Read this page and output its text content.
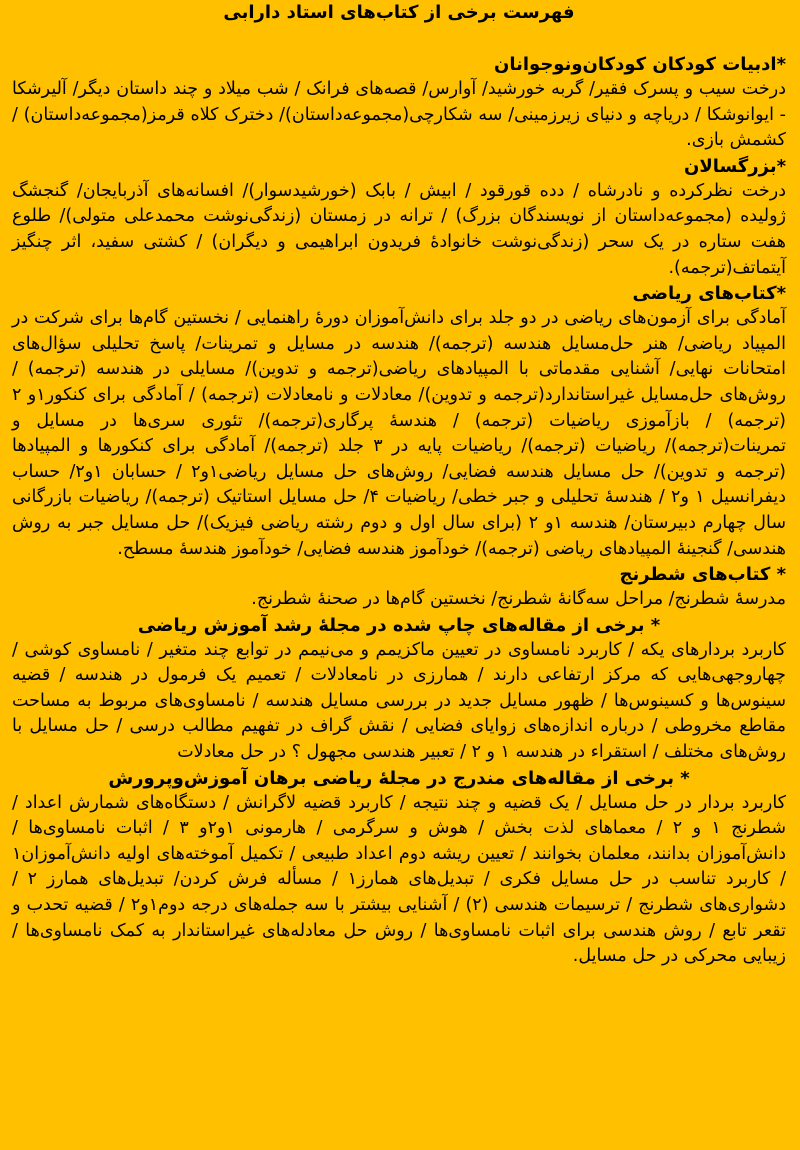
فهرست برخی از کتاب‌های استاد دارابی
*ادبیات کودکان کودکان‌ونوجوانان

درخت سیب و پسرک فقیر/ گربه خورشید/ آوارس/ قصه‌های فرانک / شب میلاد و چند داستان دیگر/ آلیرشکا - ایوانوشکا / دریاچه و دنیای زیرزمینی/ سه شکارچی(مجموعه‌داستان)/ دخترک کلاه قرمز(مجموعه‌داستان) / کشمش بازی.

*بزرگسالان

درخت نظرکرده و نادرشاه / دده قورقود / ابیش / بابک (خورشیدسوار)/ افسانه‌های آذربایجان/ گنجشگ ژولیده (مجموعه‌داستان از نویسندگان بزرگ) / ترانه در زمستان (زندگی‌نوشت محمدعلی متولی)/ طلوع هفت ستاره در یک سحر (زندگی‌نوشت خانوادهٔ فریدون ابراهیمی و دیگران) / کشتی سفید، اثر چنگیز آیتماتف(ترجمه).

*کتاب‌های ریاضی

آمادگی برای آزمون‌های ریاضی در دو جلد برای دانش‌آموزان دورهٔ راهنمایی / نخستین گام‌ها برای شرکت در المپیاد ریاضی/ هنر حل‌مسایل هندسه (ترجمه)/ هندسه در مسایل و تمرینات/ پاسخ تحلیلی سؤال‌های امتحانات نهایی/ آشنایی مقدماتی با المپیادهای ریاضی(ترجمه و تدوین)/ مسایلی در هندسه (ترجمه) / روش‌های حل‌مسایل غیراستاندارد(ترجمه و تدوین)/ معادلات و نامعادلات (ترجمه) / آمادگی برای کنکور۱و ۲ (ترجمه) / بازآموزی ریاضیات (ترجمه) / هندسهٔ پرگاری(ترجمه)/ تئوری سری‌ها در مسایل و تمرینات(ترجمه)/ ریاضیات (ترجمه)/ ریاضیات پایه در ۳ جلد (ترجمه)/ آمادگی برای کنکورها و المپیادها (ترجمه و تدوین)/ حل مسایل هندسه فضایی/ روش‌های حل مسایل ریاضی۱و۲ / حسابان ۱و۲/ حساب دیفرانسیل ۱ و۲ / هندسهٔ تحلیلی و جبر خطی/ ریاضیات ۴/ حل مسایل استاتیک (ترجمه)/ ریاضیات بازرگانی سال چهارم دبیرستان/ هندسه ۱و ۲ (برای سال اول و دوم رشته ریاضی فیزیک)/ حل مسایل جبر به روش هندسی/ گنجینهٔ المپیادهای ریاضی (ترجمه)/ خودآموز هندسه فضایی/ خودآموز هندسهٔ مسطح.

* کتاب‌های شطرنج

مدرسهٔ شطرنج/ مراحل سه‌گانهٔ شطرنج/ نخستین گام‌ها در صحنهٔ شطرنج.

* برخی از مقاله‌های چاپ شده در مجلهٔ رشد آموزش ریاضی

کاربرد بردارهای یکه / کاربرد نامساوی در تعیین ماکزیمم و می‌نیمم در توابع چند متغیر / نامساوی کوشی / چهاروجهی‌هایی که مرکز ارتفاعی دارند / همارزی در نامعادلات / تعمیم یک فرمول در هندسه / قضیه سینوس‌ها و کسینوس‌ها / ظهور مسایل جدید در بررسی مسایل هندسه / نامساوی‌های مربوط به مساحت مقاطع مخروطی / درباره اندازه‌های زوایای فضایی / نقش گراف در تفهیم مطالب درسی / حل مسایل با روش‌های مختلف / استقراء در هندسه ۱ و ۲ / تعبیر هندسی مجهول ؟ در حل معادلات

* برخی از مقاله‌های مندرج در مجلهٔ ریاضی برهان آموزش‌وپرورش

کاربرد بردار در حل مسایل / یک قضیه و چند نتیجه / کاربرد قضیه لاگرانش / دستگاه‌های شمارش اعداد / شطرنج ۱ و ۲ / معماهای لذت بخش / هوش و سرگرمی / هارمونی ۱و۲و ۳ / اثبات نامساوی‌ها / دانش‌آموزان بدانند، معلمان بخوانند / تعیین ریشه دوم اعداد طبیعی / تکمیل آموخته‌های اولیه دانش‌آموزان۱ / کاربرد تناسب در حل مسایل فکری / تبدیل‌های همارز۱ / مسأله فرش کردن/ تبدیل‌های همارز ۲ / دشواری‌های شطرنج / ترسیمات هندسی (۲) / آشنایی بیشتر با سه جمله‌های درجه دوم۱و۲ / قضیه تحدب و تقعر تابع / روش هندسی برای اثبات نامساوی‌ها / روش حل معادله‌های غیراستاندار به کمک نامساوی‌ها / زیبایی محرکی در حل مسایل.
